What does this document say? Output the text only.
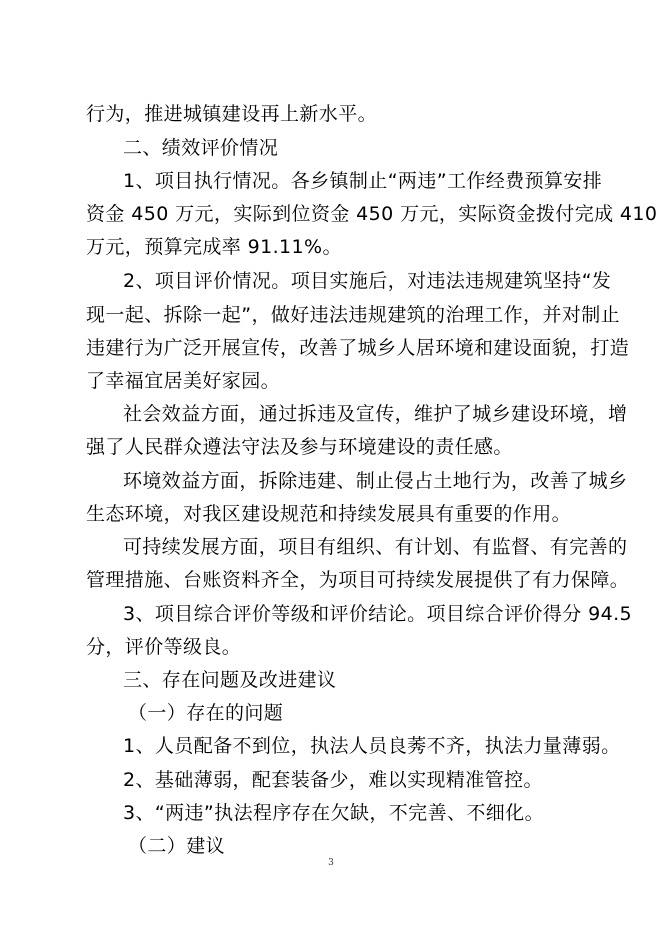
行为，推进城镇建设再上新水平。
二、绩效评价情况
1、项目执行情况。各乡镇制止“两违”工作经费预算安排
资金 450 万元，实际到位资金 450 万元，实际资金拨付完成 410
万元，预算完成率 91.11%。
2、项目评价情况。项目实施后，对违法违规建筑坚持“发
现一起、拆除一起”，做好违法违规建筑的治理工作，并对制止
违建行为广泛开展宣传，改善了城乡人居环境和建设面貌，打造
了幸福宜居美好家园。
社会效益方面，通过拆违及宣传，维护了城乡建设环境，增
强了人民群众遵法守法及参与环境建设的责任感。
环境效益方面，拆除违建、制止侵占土地行为，改善了城乡
生态环境，对我区建设规范和持续发展具有重要的作用。
可持续发展方面，项目有组织、有计划、有监督、有完善的
管理措施、台账资料齐全，为项目可持续发展提供了有力保障。
3、项目综合评价等级和评价结论。项目综合评价得分 94.5
分，评价等级良。
三、存在问题及改进建议
（一）存在的问题
1、人员配备不到位，执法人员良莠不齐，执法力量薄弱。
2、基础薄弱，配套装备少，难以实现精准管控。
3、“两违”执法程序存在欠缺，不完善、不细化。
（二）建议
3
